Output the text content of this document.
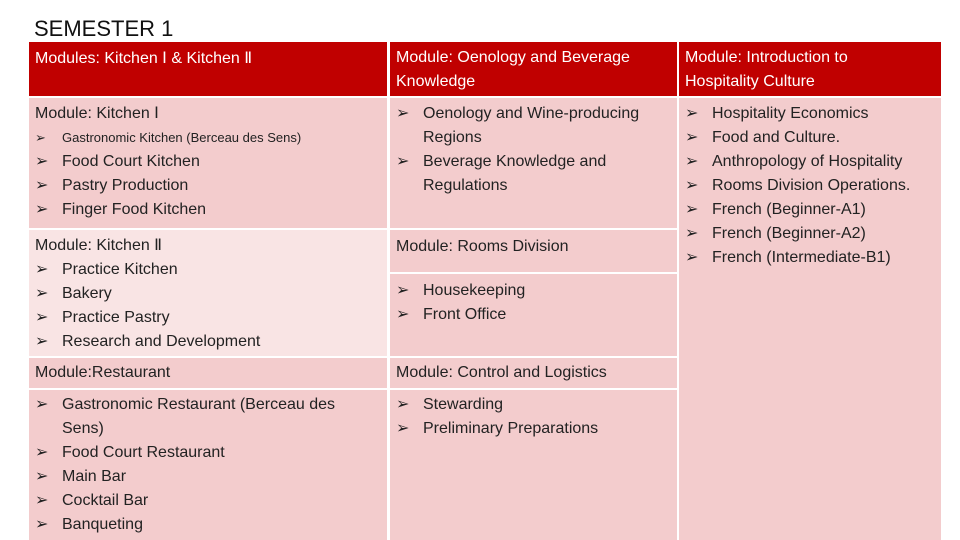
SEMESTER 1
Modules: Kitchen Ⅰ & Kitchen Ⅱ	Module: Oenology and Beverage
Knowledge
Module: Introduction to
Hospitality Culture
Module: Kitchen Ⅰ
➢ Gastronomic Kitchen (Berceau des Sens)
➢ Food Court Kitchen
➢ Pastry Production
➢ Finger Food Kitchen
Module: Kitchen Ⅱ
➢ Practice Kitchen
➢ Bakery
➢ Practice Pastry
➢ Research and Development
Module:Restaurant
➢ Gastronomic Restaurant (Berceau des Sens)
➢ Food Court Restaurant
➢ Main Bar
➢ Cocktail Bar
➢ Banqueting
➢ Oenology and Wine-producing Regions
➢ Beverage Knowledge and Regulations
Module: Rooms Division
➢ Housekeeping
➢ Front Office
Module: Control and Logistics
➢ Stewarding
➢ Preliminary Preparations
➢ Hospitality Economics
➢ Food and Culture.
➢ Anthropology of Hospitality
➢ Rooms Division Operations.
➢ French (Beginner-A1)
➢ French (Beginner-A2)
➢ French (Intermediate-B1)
